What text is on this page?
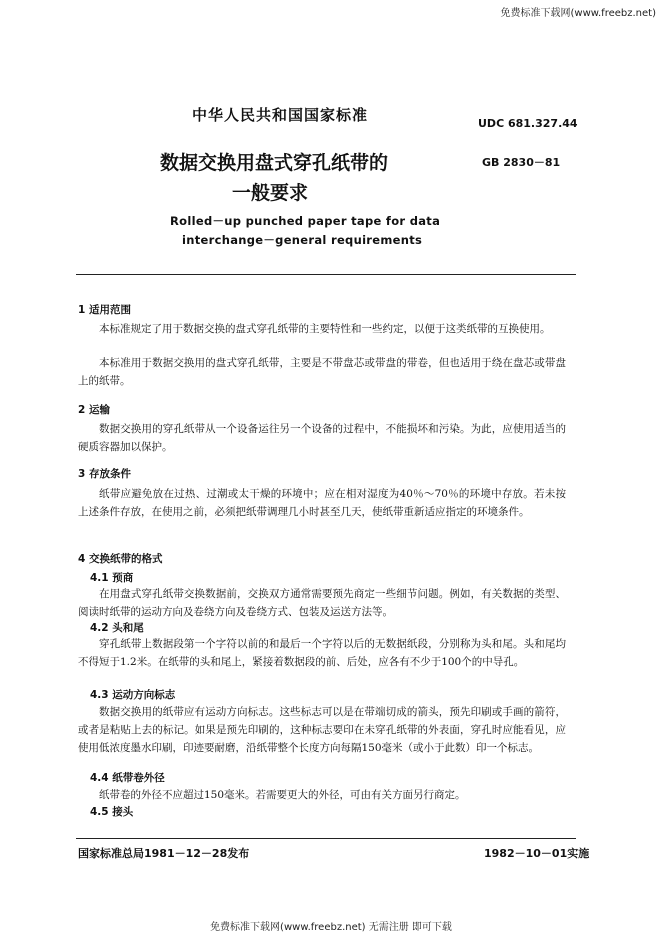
免费标准下载网(www.freebz.net)
中华人民共和国国家标准	UDC 681.327.44
数据交换用盘式穿孔纸带的	GB 2830－81
一般要求
Rolled－up punched paper tape for data
interchange－general requirements
1 适用范围
本标准规定了用于数据交换的盘式穿孔纸带的主要特性和一些约定，以便于这类纸带的互换使用。
本标准用于数据交换用的盘式穿孔纸带，主要是不带盘芯或带盘的带卷，但也适用于绕在盘芯或带盘上的纸带。
2 运输
数据交换用的穿孔纸带从一个设备运往另一个设备的过程中，不能损坏和污染。为此，应使用适当的硬质容器加以保护。
3 存放条件
纸带应避免放在过热、过潮或太干燥的环境中；应在相对湿度为40％～70％的环境中存放。若未按上述条件存放，在使用之前，必须把纸带调理几小时甚至几天，使纸带重新适应指定的环境条件。
4 交换纸带的格式
4.1 预商
在用盘式穿孔纸带交换数据前，交换双方通常需要预先商定一些细节问题。例如，有关数据的类型、阅读时纸带的运动方向及卷绕方向及卷绕方式、包装及运送方法等。
4.2 头和尾
穿孔纸带上数据段第一个字符以前的和最后一个字符以后的无数据纸段，分别称为头和尾。头和尾均不得短于1.2米。在纸带的头和尾上，紧接着数据段的前、后处，应各有不少于100个的中导孔。
4.3 运动方向标志
数据交换用的纸带应有运动方向标志。这些标志可以是在带端切成的箭头，预先印刷或手画的箭符，或者是粘贴上去的标记。如果是预先印刷的，这种标志要印在未穿孔纸带的外表面，穿孔时应能看见，应使用低浓度墨水印刷，印迹要耐磨，沿纸带整个长度方向每隔150毫米（或小于此数）印一个标志。
4.4 纸带卷外径
纸带卷的外径不应超过150毫米。若需要更大的外径，可由有关方面另行商定。
4.5 接头
国家标准总局1981－12－28发布	1982－10－01实施
免费标准下载网(www.freebz.net) 无需注册 即可下载
